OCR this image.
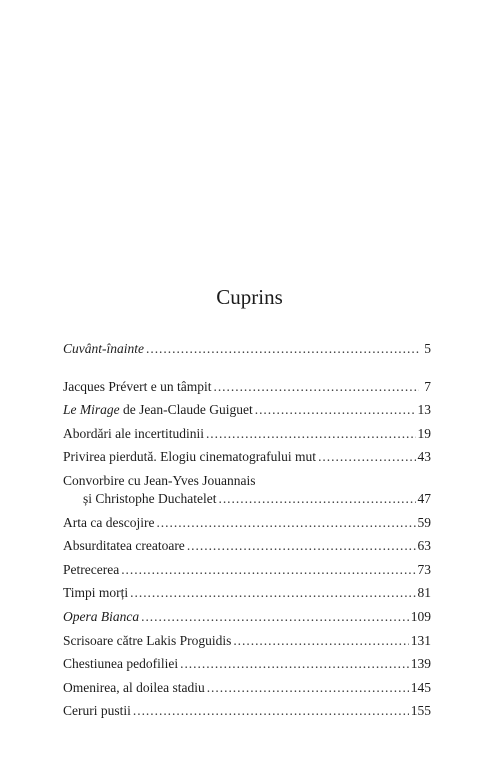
Cuprins
Cuvânt-înainte . . .	5
Jacques Prévert e un tâmpit . . .	7
Le Mirage de Jean-Claude Guiguet . . .	13
Abordări ale incertitudinii . . .	19
Privirea pierdută. Elogiu cinematografului mut . . .	43
Convorbire cu Jean-Yves Jouannais
și Christophe Duchatelet . . .	47
Arta ca descojire . . .	59
Absurditatea creatoare . . .	63
Petrecerea . . .	73
Timpi morți . . .	81
Opera Bianca . . .	109
Scrisoare către Lakis Proguidis . . .	131
Chestiunea pedofiliei . . .	139
Omenirea, al doilea stadiu . . .	145
Ceruri pustii . . .	155
